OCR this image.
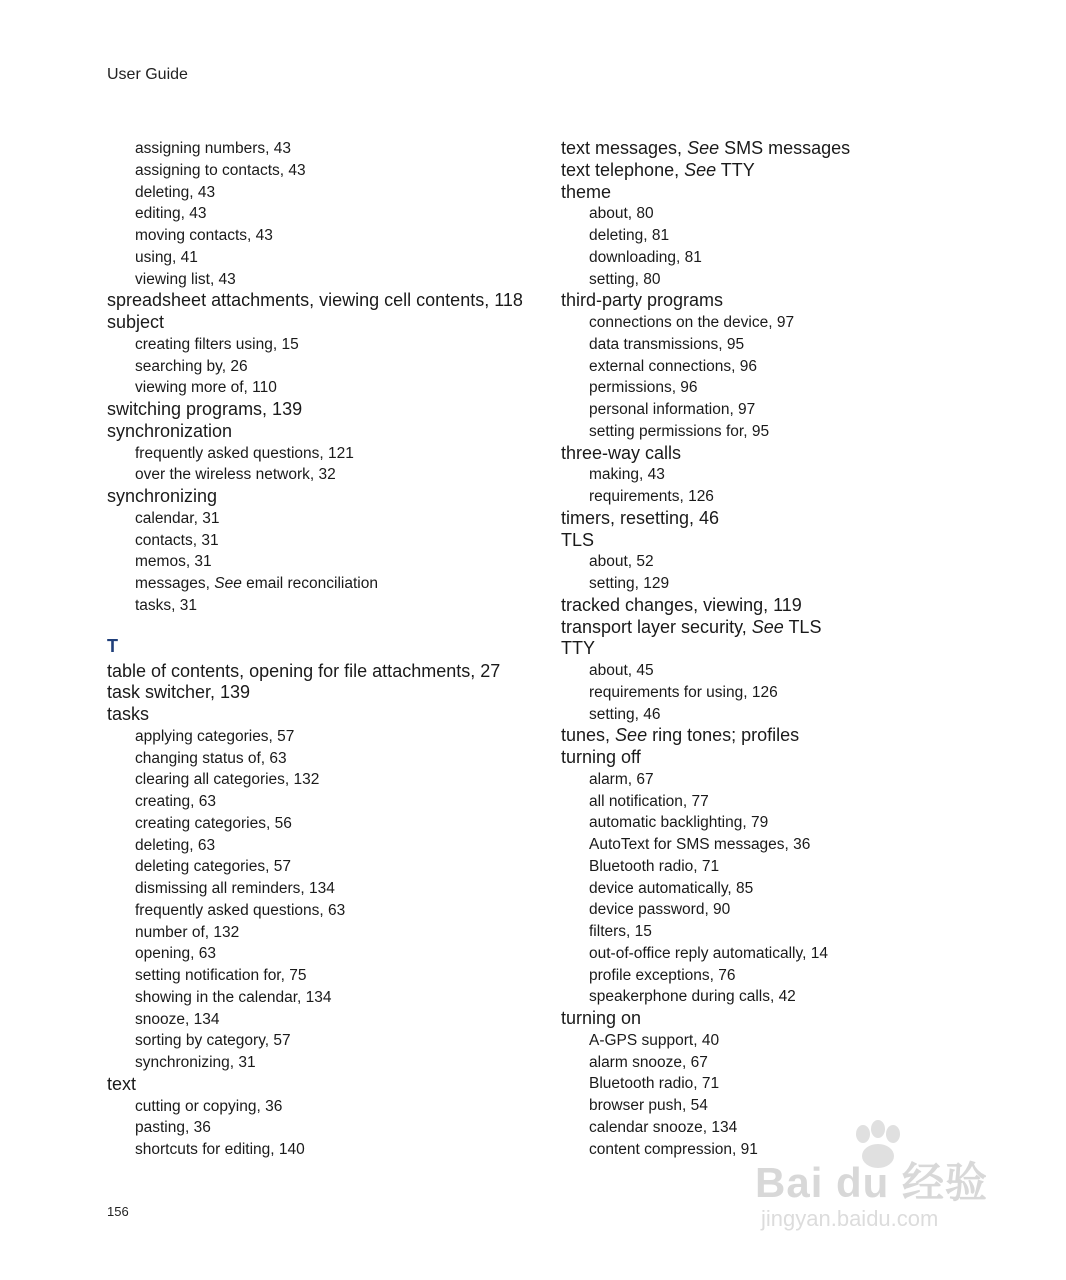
User Guide
assigning numbers, 43
assigning to contacts, 43
deleting, 43
editing, 43
moving contacts, 43
using, 41
viewing list, 43
spreadsheet attachments, viewing cell contents, 118
subject
creating filters using, 15
searching by, 26
viewing more of, 110
switching programs, 139
synchronization
frequently asked questions, 121
over the wireless network, 32
synchronizing
calendar, 31
contacts, 31
memos, 31
messages, See email reconciliation
tasks, 31
T
table of contents, opening for file attachments, 27
task switcher, 139
tasks
applying categories, 57
changing status of, 63
clearing all categories, 132
creating, 63
creating categories, 56
deleting, 63
deleting categories, 57
dismissing all reminders, 134
frequently asked questions, 63
number of, 132
opening, 63
setting notification for, 75
showing in the calendar, 134
snooze, 134
sorting by category, 57
synchronizing, 31
text
cutting or copying, 36
pasting, 36
shortcuts for editing, 140
text messages, See SMS messages
text telephone, See TTY
theme
about, 80
deleting, 81
downloading, 81
setting, 80
third-party programs
connections on the device, 97
data transmissions, 95
external connections, 96
permissions, 96
personal information, 97
setting permissions for, 95
three-way calls
making, 43
requirements, 126
timers, resetting, 46
TLS
about, 52
setting, 129
tracked changes, viewing, 119
transport layer security, See TLS
TTY
about, 45
requirements for using, 126
setting, 46
tunes, See ring tones; profiles
turning off
alarm, 67
all notification, 77
automatic backlighting, 79
AutoText for SMS messages, 36
Bluetooth radio, 71
device automatically, 85
device password, 90
filters, 15
out-of-office reply automatically, 14
profile exceptions, 76
speakerphone during calls, 42
turning on
A-GPS support, 40
alarm snooze, 67
Bluetooth radio, 71
browser push, 54
calendar snooze, 134
content compression, 91
156
Bai du 经验
jingyan.baidu.com
